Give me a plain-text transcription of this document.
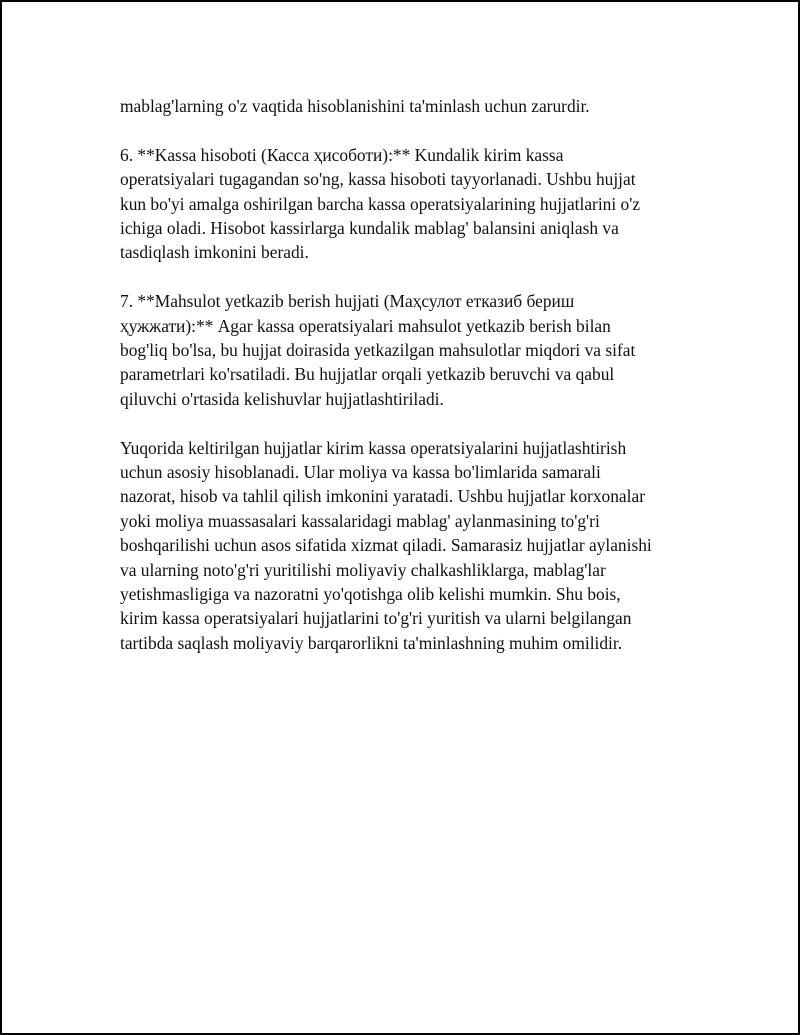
mablag'larning o'z vaqtida hisoblanishini ta'minlash uchun zarurdir.

6. **Kassa hisoboti (Касса ҳисоботи):** Kundalik kirim kassa
operatsiyalari tugagandan so'ng, kassa hisoboti tayyorlanadi. Ushbu hujjat
kun bo'yi amalga oshirilgan barcha kassa operatsiyalarining hujjatlarini o'z
ichiga oladi. Hisobot kassirlarga kundalik mablag' balansini aniqlash va
tasdiqlash imkonini beradi.

7. **Mahsulot yetkazib berish hujjati (Маҳсулот етказиб бериш
ҳужжати):** Agar kassa operatsiyalari mahsulot yetkazib berish bilan
bog'liq bo'lsa, bu hujjat doirasida yetkazilgan mahsulotlar miqdori va sifat
parametrlari ko'rsatiladi. Bu hujjatlar orqali yetkazib beruvchi va qabul
qiluvchi o'rtasida kelishuvlar hujjatlashtiriladi.

Yuqorida keltirilgan hujjatlar kirim kassa operatsiyalarini hujjatlashtirish
uchun asosiy hisoblanadi. Ular moliya va kassa bo'limlarida samarali
nazorat, hisob va tahlil qilish imkonini yaratadi. Ushbu hujjatlar korxonalar
yoki moliya muassasalari kassalaridagi mablag' aylanmasining to'g'ri
boshqarilishi uchun asos sifatida xizmat qiladi. Samarasiz hujjatlar aylanishi
va ularning noto'g'ri yuritilishi moliyaviy chalkashliklarga, mablag'lar
yetishmasligiga va nazoratni yo'qotishga olib kelishi mumkin. Shu bois,
kirim kassa operatsiyalari hujjatlarini to'g'ri yuritish va ularni belgilangan
tartibda saqlash moliyaviy barqarorlikni ta'minlashning muhim omilidir.
